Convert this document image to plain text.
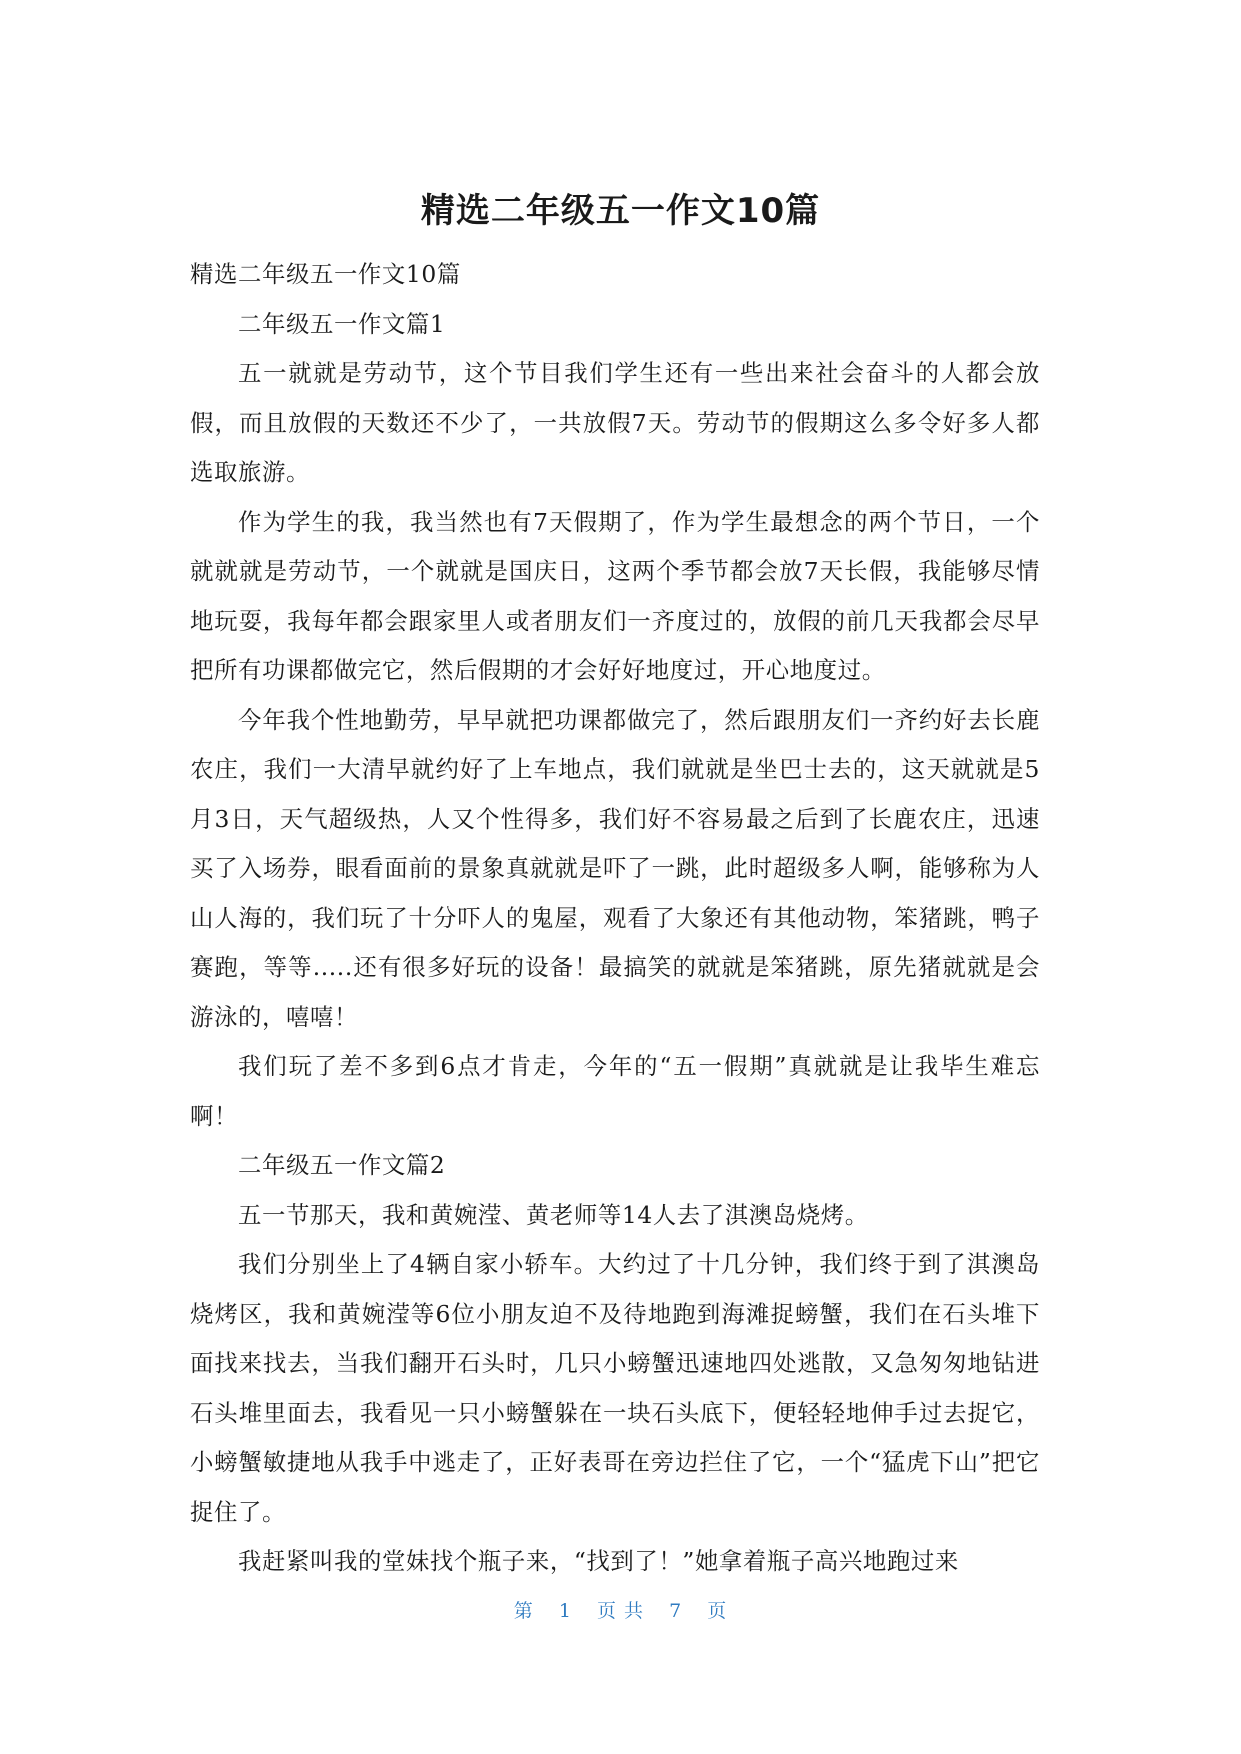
精选二年级五一作文10篇

精选二年级五一作文10篇

二年级五一作文篇1

五一就就是劳动节，这个节目我们学生还有一些出来社会奋斗的人都会放假，而且放假的天数还不少了，一共放假7天。劳动节的假期这么多令好多人都选取旅游。

作为学生的我，我当然也有7天假期了，作为学生最想念的两个节日，一个就就就是劳动节，一个就就是国庆日，这两个季节都会放7天长假，我能够尽情地玩耍，我每年都会跟家里人或者朋友们一齐度过的，放假的前几天我都会尽早把所有功课都做完它，然后假期的才会好好地度过，开心地度过。

今年我个性地勤劳，早早就把功课都做完了，然后跟朋友们一齐约好去长鹿农庄，我们一大清早就约好了上车地点，我们就就是坐巴士去的，这天就就是5月3日，天气超级热，人又个性得多，我们好不容易最之后到了长鹿农庄，迅速买了入场券，眼看面前的景象真就就是吓了一跳，此时超级多人啊，能够称为人山人海的，我们玩了十分吓人的鬼屋，观看了大象还有其他动物，笨猪跳，鸭子赛跑，等等.....还有很多好玩的设备！最搞笑的就就是笨猪跳，原先猪就就是会游泳的，嘻嘻！

我们玩了差不多到6点才肯走，今年的“五一假期”真就就是让我毕生难忘啊！

二年级五一作文篇2

五一节那天，我和黄婉滢、黄老师等14人去了淇澳岛烧烤。

我们分别坐上了4辆自家小轿车。大约过了十几分钟，我们终于到了淇澳岛烧烤区，我和黄婉滢等6位小朋友迫不及待地跑到海滩捉螃蟹，我们在石头堆下面找来找去，当我们翻开石头时，几只小螃蟹迅速地四处逃散，又急匆匆地钻进石头堆里面去，我看见一只小螃蟹躲在一块石头底下，便轻轻地伸手过去捉它，小螃蟹敏捷地从我手中逃走了，正好表哥在旁边拦住了它，一个“猛虎下山”把它捉住了。

我赶紧叫我的堂妹找个瓶子来，“找到了！”她拿着瓶子高兴地跑过来

第 1 页 共 7 页
